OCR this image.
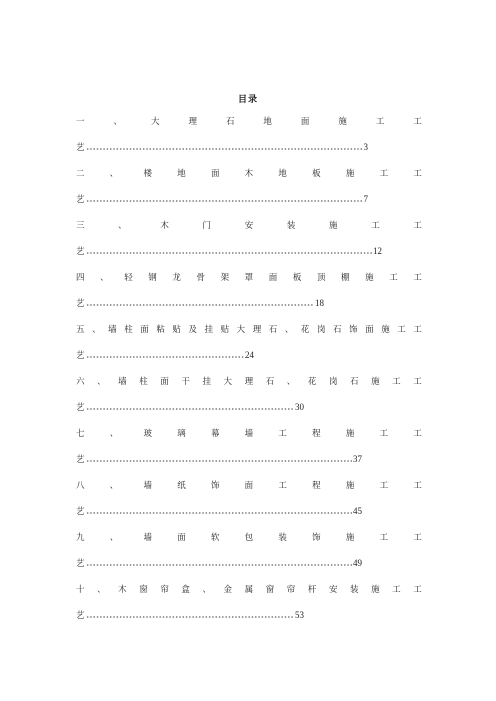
目录
一	、	大	理	石	地	面	施	工	工
艺	3
二	、	楼	地	面	木	地	板	施	工	工
艺	7
三	、	木	门	安	装	施	工	工
艺	12
四 、 轻 钢 龙 骨 架 罩 面 板 顶 棚 施 工 工
艺	18
五 、 墙 柱 面 粘 贴 及 挂 贴 大 理 石 、 花 岗 石 饰 面 施 工 工
艺	24
六 、 墙 柱 面 干 挂 大 理 石 、 花 岗 石 施 工 工
艺	30
七	、	玻	璃	幕	墙	工	程	施	工	工
艺	37
八	、	墙	纸	饰	面	工	程	施	工	工
艺	45
九	、	墙	面	软	包	装	饰	施	工	工
艺	49
十 、 木 窗 帘 盒 、 金 属 窗 帘 杆 安 装 施 工 工
艺	53
